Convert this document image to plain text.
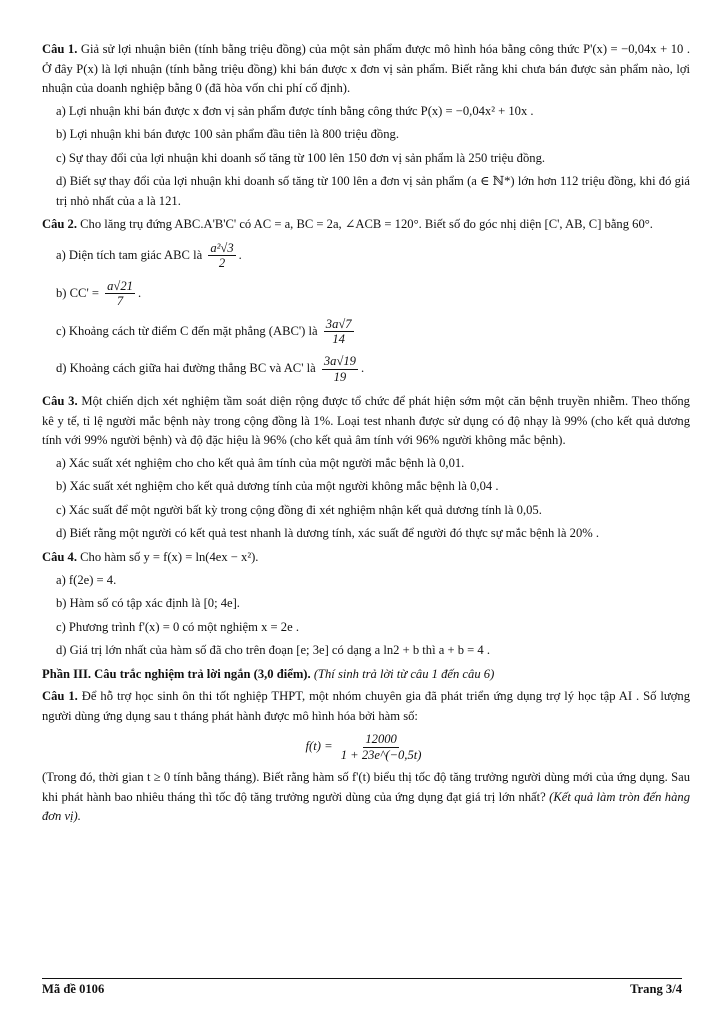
Câu 1. Giả sử lợi nhuận biên (tính bằng triệu đồng) của một sản phẩm được mô hình hóa bằng công thức P'(x) = −0,04x + 10 . Ở đây P(x) là lợi nhuận (tính bằng triệu đồng) khi bán được x đơn vị sản phẩm. Biết rằng khi chưa bán được sản phẩm nào, lợi nhuận của doanh nghiệp bằng 0 (đã hòa vốn chi phí cố định).

a) Lợi nhuận khi bán được x đơn vị sản phẩm được tính bằng công thức P(x) = −0,04x² + 10x .

b) Lợi nhuận khi bán được 100 sản phẩm đầu tiên là 800 triệu đồng.

c) Sự thay đổi của lợi nhuận khi doanh số tăng từ 100 lên 150 đơn vị sản phẩm là 250 triệu đồng.

d) Biết sự thay đổi của lợi nhuận khi doanh số tăng từ 100 lên a đơn vị sản phẩm (a ∈ ℕ*) lớn hơn 112 triệu đồng, khi đó giá trị nhỏ nhất của a là 121.

Câu 2. Cho lăng trụ đứng ABC.A'B'C' có AC = a, BC = 2a, ∠ACB = 120°. Biết số đo góc nhị diện [C', AB, C] bằng 60°.

a) Diện tích tam giác ABC là $\frac{\text{a²√3}}{2}$ .

b) $CC' = \frac{a√21}{7}$ .

c) Khoảng cách từ điểm C đến mặt phẳng (ABC') là $\frac{3a√7}{14}$

d) Khoảng cách giữa hai đường thẳng BC và AC' là $\frac{3a√19}{19}$ .

Câu 3. Một chiến dịch xét nghiệm tầm soát diện rộng được tổ chức để phát hiện sớm một căn bệnh truyền nhiễm. Theo thống kê y tế, tỉ lệ người mắc bệnh này trong cộng đồng là 1%. Loại test nhanh được sử dụng có độ nhạy là 99% (cho kết quả dương tính với 99% người bệnh) và độ đặc hiệu là 96% (cho kết quả âm tính với 96% người không mắc bệnh).

a) Xác suất xét nghiệm cho cho kết quả âm tính của một người mắc bệnh là 0,01.

b) Xác suất xét nghiệm cho kết quả dương tính của một người không mắc bệnh là 0,04 .

c) Xác suất để một người bất kỳ trong cộng đồng đi xét nghiệm nhận kết quả dương tính là 0,05.

d) Biết rằng một người có kết quả test nhanh là dương tính, xác suất để người đó thực sự mắc bệnh là 20% .

Câu 4. Cho hàm số y = f(x) = ln(4ex − x²).

a) f(2e) = 4.

b) Hàm số có tập xác định là [0; 4e].

c) Phương trình f'(x) = 0 có một nghiệm x = 2e .

d) Giá trị lớn nhất của hàm số đã cho trên đoạn [e; 3e] có dạng a ln2 + b thì a + b = 4 .

Phần III. Câu trắc nghiệm trả lời ngắn (3,0 điểm). (Thí sinh trả lời từ câu 1 đến câu 6)

Câu 1. Để hỗ trợ học sinh ôn thi tốt nghiệp THPT, một nhóm chuyên gia đã phát triển ứng dụng trợ lý học tập AI . Số lượng người dùng ứng dụng sau t tháng phát hành được mô hình hóa bởi hàm số:

$f(t) = \frac{12000}{1 + 23e\^{}(-0,5t)}$

(Trong đó, thời gian t ≥ 0 tính bằng tháng). Biết rằng hàm số f'(t) biểu thị tốc độ tăng trưởng người dùng mới của ứng dụng. Sau khi phát hành bao nhiêu tháng thì tốc độ tăng trưởng người dùng của ứng dụng đạt giá trị lớn nhất? (Kết quả làm tròn đến hàng đơn vị).

Mã đề 0106	Trang 3/4
